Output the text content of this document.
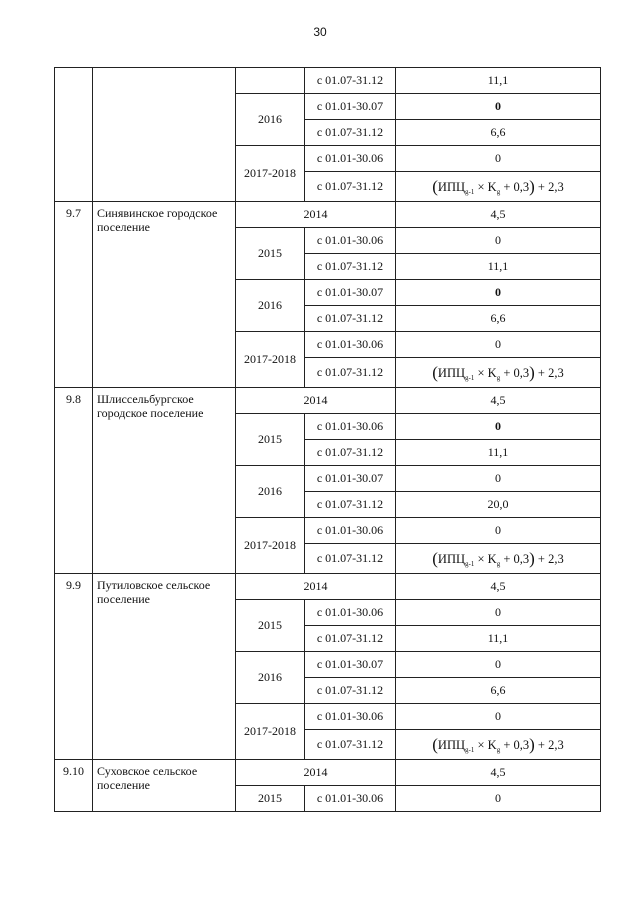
30
			с 01.07-31.12	11,1
		2016	с 01.01-30.07	0
			с 01.07-31.12	6,6
		2017-2018	с 01.01-30.06	0
			с 01.07-31.12	$(ИПЦ_{g-1} \times K_g + 0,3) + 2,3$
9.7	Синявинское городское поселение	2014		4,5
		2015	с 01.01-30.06	0
			с 01.07-31.12	11,1
		2016	с 01.01-30.07	0
			с 01.07-31.12	6,6
		2017-2018	с 01.01-30.06	0
			с 01.07-31.12	$(ИПЦ_{g-1} \times K_g + 0,3) + 2,3$
9.8	Шлиссельбургское городское поселение	2014		4,5
		2015	с 01.01-30.06	0
			с 01.07-31.12	11,1
		2016	с 01.01-30.07	0
			с 01.07-31.12	20,0
		2017-2018	с 01.01-30.06	0
			с 01.07-31.12	$(ИПЦ_{g-1} \times K_g + 0,3) + 2,3$
9.9	Путиловское сельское поселение	2014		4,5
		2015	с 01.01-30.06	0
			с 01.07-31.12	11,1
		2016	с 01.01-30.07	0
			с 01.07-31.12	6,6
		2017-2018	с 01.01-30.06	0
			с 01.07-31.12	$(ИПЦ_{g-1} \times K_g + 0,3) + 2,3$
9.10	Суховское сельское поселение	2014		4,5
		2015	с 01.01-30.06	0
